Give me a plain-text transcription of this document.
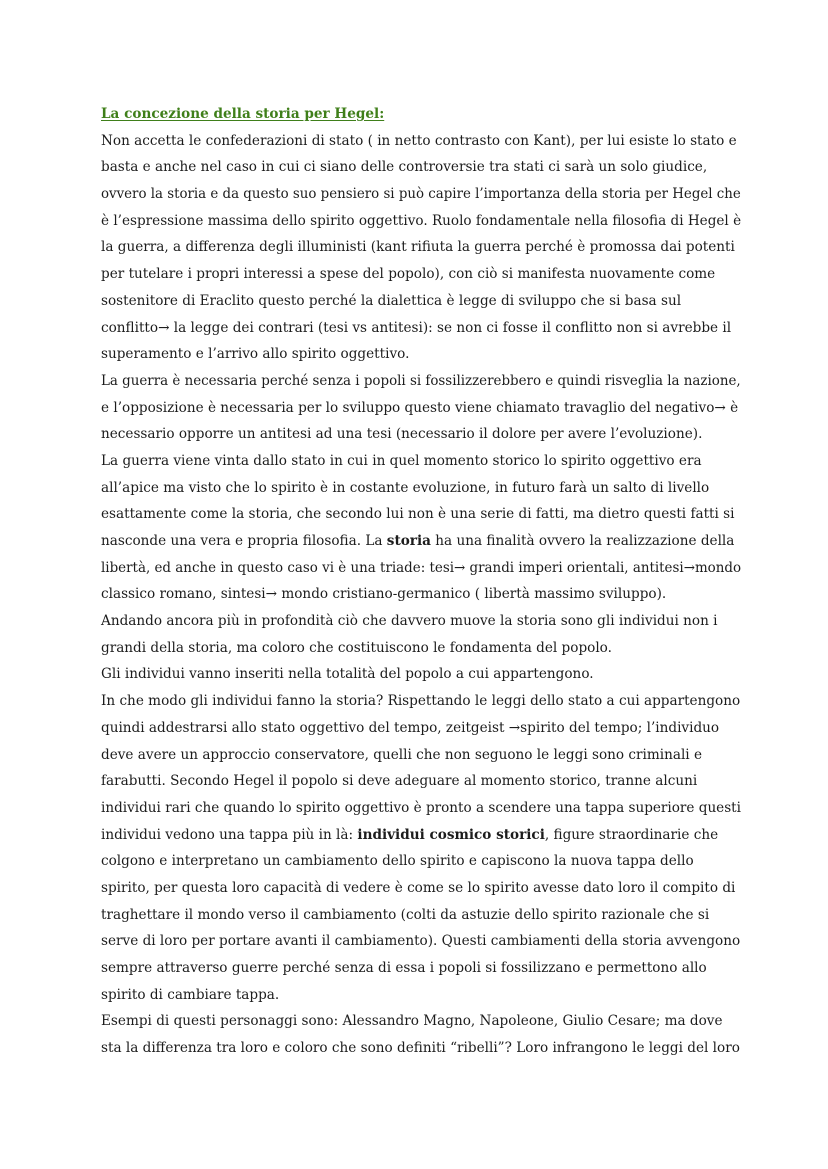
La concezione della storia per Hegel:
Non accetta le confederazioni di stato ( in netto contrasto con Kant), per lui esiste lo stato e
basta e anche nel caso in cui ci siano delle controversie tra stati ci sarà un solo giudice,
ovvero la storia e da questo suo pensiero si può capire l’importanza della storia per Hegel che
è l’espressione massima dello spirito oggettivo. Ruolo fondamentale nella filosofia di Hegel è
la guerra, a differenza degli illuministi (kant rifiuta la guerra perché è promossa dai potenti
per tutelare i propri interessi a spese del popolo), con ciò si manifesta nuovamente come
sostenitore di Eraclito questo perché la dialettica è legge di sviluppo che si basa sul
conflitto→ la legge dei contrari (tesi vs antitesi): se non ci fosse il conflitto non si avrebbe il
superamento e l’arrivo allo spirito oggettivo.
La guerra è necessaria perché senza i popoli si fossilizzerebbero e quindi risveglia la nazione,
e l’opposizione è necessaria per lo sviluppo questo viene chiamato travaglio del negativo→ è
necessario opporre un antitesi ad una tesi (necessario il dolore per avere l’evoluzione).
La guerra viene vinta dallo stato in cui in quel momento storico lo spirito oggettivo era
all’apice ma visto che lo spirito è in costante evoluzione, in futuro farà un salto di livello
esattamente come la storia, che secondo lui non è una serie di fatti, ma dietro questi fatti si
nasconde una vera e propria filosofia. La storia ha una finalità ovvero la realizzazione della
libertà, ed anche in questo caso vi è una triade: tesi→ grandi imperi orientali, antitesi→mondo
classico romano, sintesi→ mondo cristiano-germanico ( libertà massimo sviluppo).
Andando ancora più in profondità ciò che davvero muove la storia sono gli individui non i
grandi della storia, ma coloro che costituiscono le fondamenta del popolo.
Gli individui vanno inseriti nella totalità del popolo a cui appartengono.
In che modo gli individui fanno la storia? Rispettando le leggi dello stato a cui appartengono
quindi addestrarsi allo stato oggettivo del tempo, zeitgeist →spirito del tempo; l’individuo
deve avere un approccio conservatore, quelli che non seguono le leggi sono criminali e
farabutti. Secondo Hegel il popolo si deve adeguare al momento storico, tranne alcuni
individui rari che quando lo spirito oggettivo è pronto a scendere una tappa superiore questi
individui vedono una tappa più in là: individui cosmico storici, figure straordinarie che
colgono e interpretano un cambiamento dello spirito e capiscono la nuova tappa dello
spirito, per questa loro capacità di vedere è come se lo spirito avesse dato loro il compito di
traghettare il mondo verso il cambiamento (colti da astuzie dello spirito razionale che si
serve di loro per portare avanti il cambiamento). Questi cambiamenti della storia avvengono
sempre attraverso guerre perché senza di essa i popoli si fossilizzano e permettono allo
spirito di cambiare tappa.
Esempi di questi personaggi sono: Alessandro Magno, Napoleone, Giulio Cesare; ma dove
sta la differenza tra loro e coloro che sono definiti “ribelli”? Loro infrangono le leggi del loro
